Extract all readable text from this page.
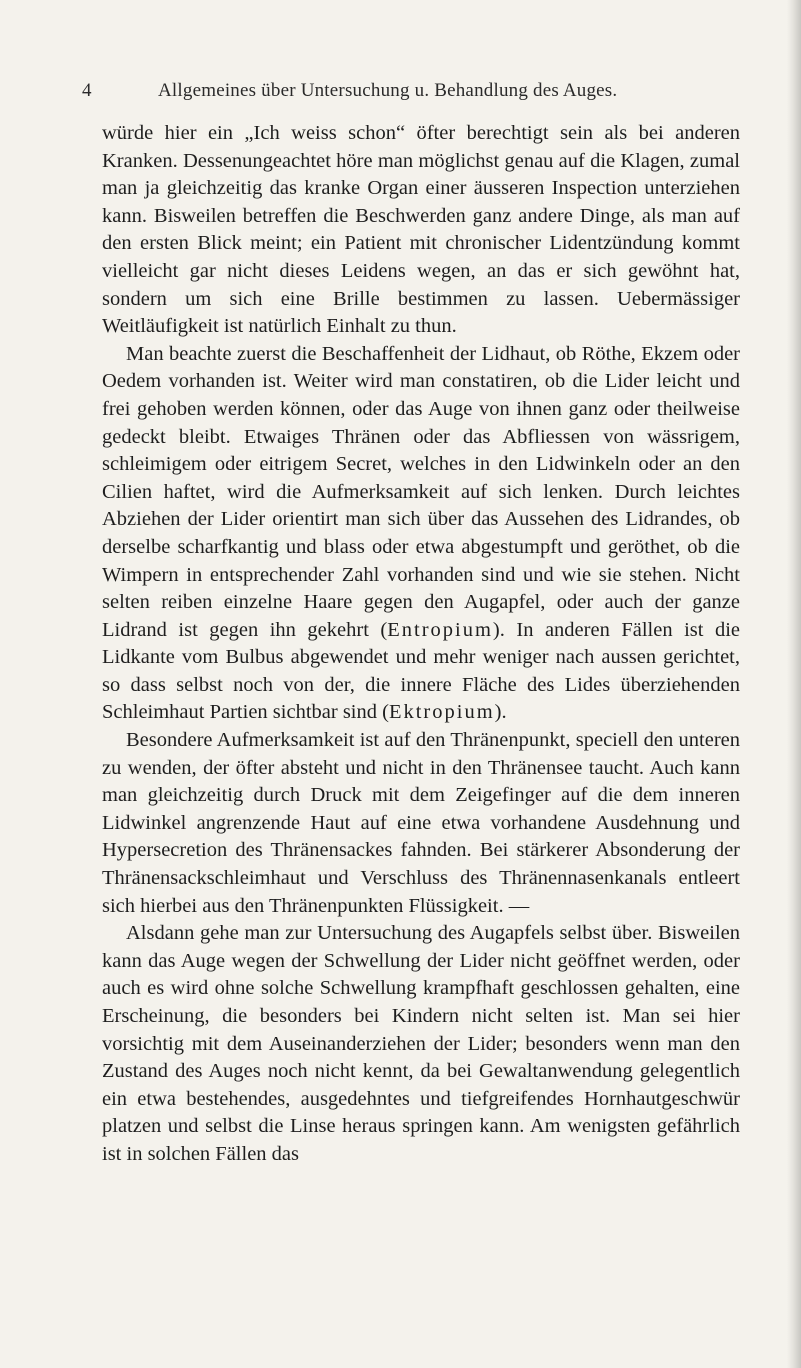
4	Allgemeines über Untersuchung u. Behandlung des Auges.

würde hier ein „Ich weiss schon“ öfter berechtigt sein als bei anderen Kranken. Dessenungeachtet höre man möglichst genau auf die Klagen, zumal man ja gleichzeitig das kranke Organ einer äusseren Inspection unterziehen kann. Bisweilen betreffen die Beschwerden ganz andere Dinge, als man auf den ersten Blick meint; ein Patient mit chronischer Lidentzündung kommt vielleicht gar nicht dieses Leidens wegen, an das er sich gewöhnt hat, sondern um sich eine Brille bestimmen zu lassen. Uebermässiger Weitläufigkeit ist natürlich Einhalt zu thun.

Man beachte zuerst die Beschaffenheit der Lidhaut, ob Röthe, Ekzem oder Oedem vorhanden ist. Weiter wird man constatiren, ob die Lider leicht und frei gehoben werden können, oder das Auge von ihnen ganz oder theilweise gedeckt bleibt. Etwaiges Thränen oder das Abfliessen von wässrigem, schleimigem oder eitrigem Secret, welches in den Lidwinkeln oder an den Cilien haftet, wird die Aufmerksamkeit auf sich lenken. Durch leichtes Abziehen der Lider orientirt man sich über das Aussehen des Lidrandes, ob derselbe scharfkantig und blass oder etwa abgestumpft und geröthet, ob die Wimpern in entsprechender Zahl vorhanden sind und wie sie stehen. Nicht selten reiben einzelne Haare gegen den Augapfel, oder auch der ganze Lidrand ist gegen ihn gekehrt (Entropium). In anderen Fällen ist die Lidkante vom Bulbus abgewendet und mehr weniger nach aussen gerichtet, so dass selbst noch von der, die innere Fläche des Lides überziehenden Schleimhaut Partien sichtbar sind (Ektropium).

Besondere Aufmerksamkeit ist auf den Thränenpunkt, speciell den unteren zu wenden, der öfter absteht und nicht in den Thränensee taucht. Auch kann man gleichzeitig durch Druck mit dem Zeigefinger auf die dem inneren Lidwinkel angrenzende Haut auf eine etwa vorhandene Ausdehnung und Hypersecretion des Thränensackes fahnden. Bei stärkerer Absonderung der Thränensackschleimhaut und Verschluss des Thränennasenkanals entleert sich hierbei aus den Thränenpunkten Flüssigkeit. —

Alsdann gehe man zur Untersuchung des Augapfels selbst über. Bisweilen kann das Auge wegen der Schwellung der Lider nicht geöffnet werden, oder auch es wird ohne solche Schwellung krampfhaft geschlossen gehalten, eine Erscheinung, die besonders bei Kindern nicht selten ist. Man sei hier vorsichtig mit dem Auseinanderziehen der Lider; besonders wenn man den Zustand des Auges noch nicht kennt, da bei Gewaltanwendung gelegentlich ein etwa bestehendes, ausgedehntes und tiefgreifendes Hornhautgeschwür platzen und selbst die Linse heraus springen kann. Am wenigsten gefährlich ist in solchen Fällen das
